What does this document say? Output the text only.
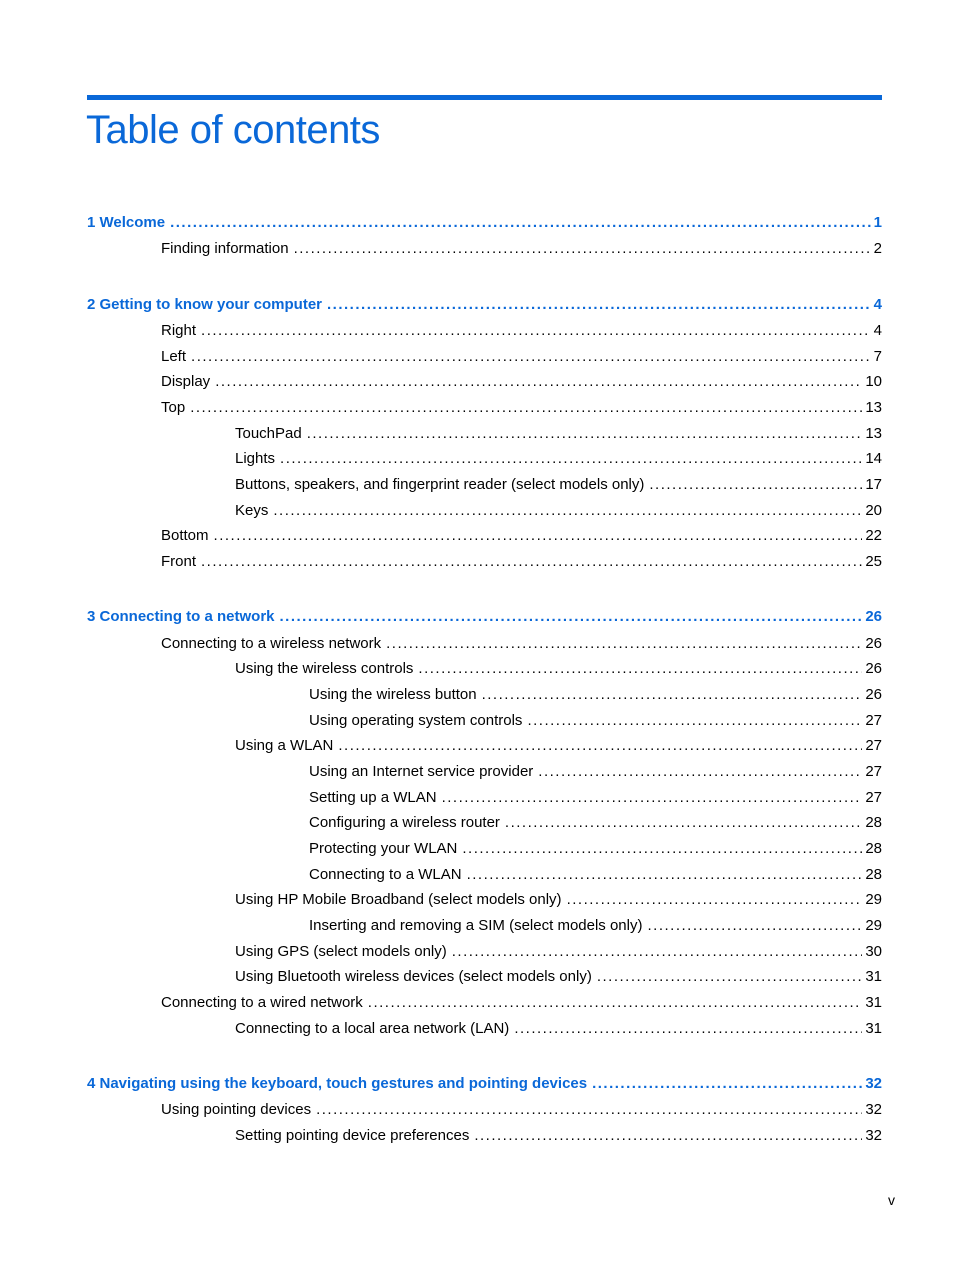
Table of contents
1 Welcome .....	1
Finding information .....	2
2 Getting to know your computer .....	4
Right .....	4
Left .....	7
Display .....	10
Top .....	13
TouchPad .....	13
Lights .....	14
Buttons, speakers, and fingerprint reader (select models only) .....	17
Keys .....	20
Bottom .....	22
Front .....	25
3 Connecting to a network .....	26
Connecting to a wireless network .....	26
Using the wireless controls .....	26
Using the wireless button .....	26
Using operating system controls .....	27
Using a WLAN .....	27
Using an Internet service provider .....	27
Setting up a WLAN .....	27
Configuring a wireless router .....	28
Protecting your WLAN .....	28
Connecting to a WLAN .....	28
Using HP Mobile Broadband (select models only) .....	29
Inserting and removing a SIM (select models only) .....	29
Using GPS (select models only) .....	30
Using Bluetooth wireless devices (select models only) .....	31
Connecting to a wired network .....	31
Connecting to a local area network (LAN) .....	31
4 Navigating using the keyboard, touch gestures and pointing devices .....	32
Using pointing devices .....	32
Setting pointing device preferences .....	32
v
